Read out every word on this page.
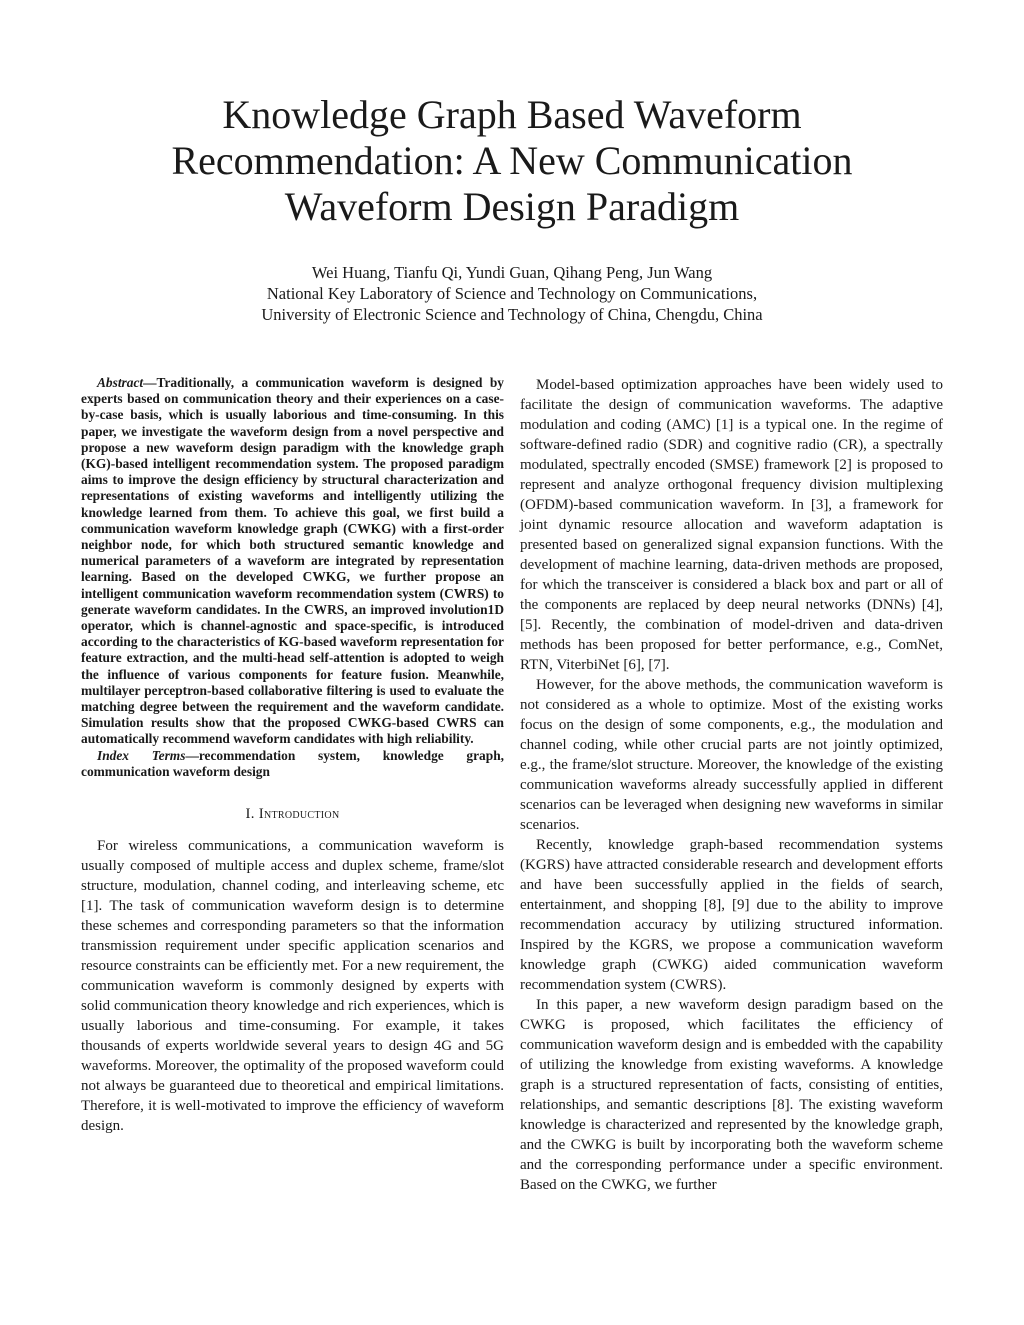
Knowledge Graph Based Waveform
Recommendation: A New Communication
Waveform Design Paradigm
Wei Huang, Tianfu Qi, Yundi Guan, Qihang Peng, Jun Wang
National Key Laboratory of Science and Technology on Communications,
University of Electronic Science and Technology of China, Chengdu, China

Abstract—Traditionally, a communication waveform is designed by experts based on communication theory and their experiences on a case-by-case basis, which is usually laborious and time-consuming. In this paper, we investigate the waveform design from a novel perspective and propose a new waveform design paradigm with the knowledge graph (KG)-based intelligent recommendation system. The proposed paradigm aims to improve the design efficiency by structural characterization and representations of existing waveforms and intelligently utilizing the knowledge learned from them. To achieve this goal, we first build a communication waveform knowledge graph (CWKG) with a first-order neighbor node, for which both structured semantic knowledge and numerical parameters of a waveform are integrated by representation learning. Based on the developed CWKG, we further propose an intelligent communication waveform recommendation system (CWRS) to generate waveform candidates. In the CWRS, an improved involution1D operator, which is channel-agnostic and space-specific, is introduced according to the characteristics of KG-based waveform representation for feature extraction, and the multi-head self-attention is adopted to weigh the influence of various components for feature fusion. Meanwhile, multilayer perceptron-based collaborative filtering is used to evaluate the matching degree between the requirement and the waveform candidate. Simulation results show that the proposed CWKG-based CWRS can automatically recommend waveform candidates with high reliability.

Index Terms—recommendation system, knowledge graph, communication waveform design

I. Introduction

For wireless communications, a communication waveform is usually composed of multiple access and duplex scheme, frame/slot structure, modulation, channel coding, and interleaving scheme, etc [1]. The task of communication waveform design is to determine these schemes and corresponding parameters so that the information transmission requirement under specific application scenarios and resource constraints can be efficiently met. For a new requirement, the communication waveform is commonly designed by experts with solid communication theory knowledge and rich experiences, which is usually laborious and time-consuming. For example, it takes thousands of experts worldwide several years to design 4G and 5G waveforms. Moreover, the optimality of the proposed waveform could not always be guaranteed due to theoretical and empirical limitations. Therefore, it is well-motivated to improve the efficiency of waveform design.

Model-based optimization approaches have been widely used to facilitate the design of communication waveforms. The adaptive modulation and coding (AMC) [1] is a typical one. In the regime of software-defined radio (SDR) and cognitive radio (CR), a spectrally modulated, spectrally encoded (SMSE) framework [2] is proposed to represent and analyze orthogonal frequency division multiplexing (OFDM)-based communication waveform. In [3], a framework for joint dynamic resource allocation and waveform adaptation is presented based on generalized signal expansion functions. With the development of machine learning, data-driven methods are proposed, for which the transceiver is considered a black box and part or all of the components are replaced by deep neural networks (DNNs) [4], [5]. Recently, the combination of model-driven and data-driven methods has been proposed for better performance, e.g., ComNet, RTN, ViterbiNet [6], [7].

However, for the above methods, the communication waveform is not considered as a whole to optimize. Most of the existing works focus on the design of some components, e.g., the modulation and channel coding, while other crucial parts are not jointly optimized, e.g., the frame/slot structure. Moreover, the knowledge of the existing communication waveforms already successfully applied in different scenarios can be leveraged when designing new waveforms in similar scenarios.

Recently, knowledge graph-based recommendation systems (KGRS) have attracted considerable research and development efforts and have been successfully applied in the fields of search, entertainment, and shopping [8], [9] due to the ability to improve recommendation accuracy by utilizing structured information. Inspired by the KGRS, we propose a communication waveform knowledge graph (CWKG) aided communication waveform recommendation system (CWRS).

In this paper, a new waveform design paradigm based on the CWKG is proposed, which facilitates the efficiency of communication waveform design and is embedded with the capability of utilizing the knowledge from existing waveforms. A knowledge graph is a structured representation of facts, consisting of entities, relationships, and semantic descriptions [8]. The existing waveform knowledge is characterized and represented by the knowledge graph, and the CWKG is built by incorporating both the waveform scheme and the corresponding performance under a specific environment. Based on the CWKG, we further
